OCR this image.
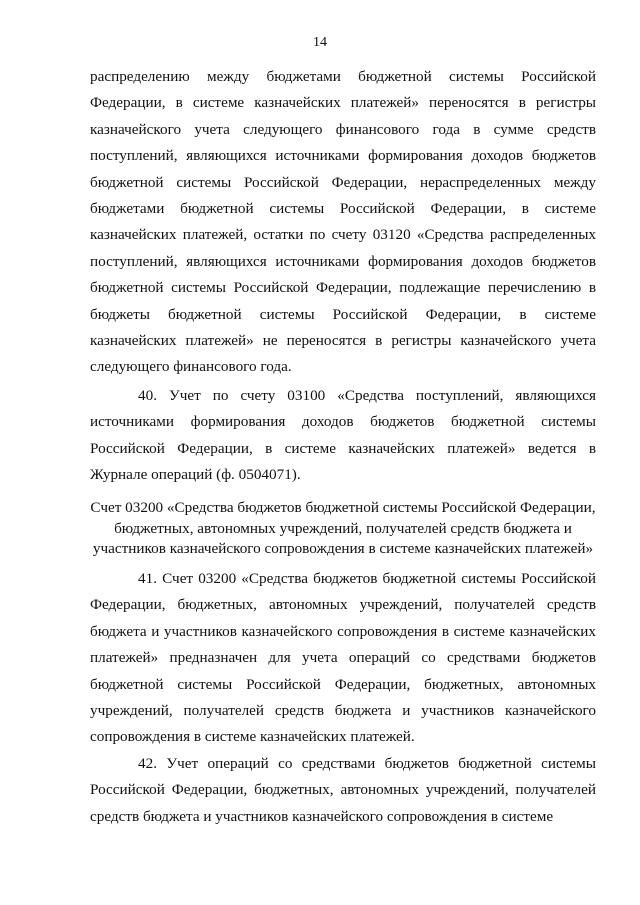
14

распределению между бюджетами бюджетной системы Российской Федерации, в системе казначейских платежей» переносятся в регистры казначейского учета следующего финансового года в сумме средств поступлений, являющихся источниками формирования доходов бюджетов бюджетной системы Российской Федерации, нераспределенных между бюджетами бюджетной системы Российской Федерации, в системе казначейских платежей, остатки по счету 03120 «Средства распределенных поступлений, являющихся источниками формирования доходов бюджетов бюджетной системы Российской Федерации, подлежащие перечислению в бюджеты бюджетной системы Российской Федерации, в системе казначейских платежей» не переносятся в регистры казначейского учета следующего финансового года.

40. Учет по счету 03100 «Средства поступлений, являющихся источниками формирования доходов бюджетов бюджетной системы Российской Федерации, в системе казначейских платежей» ведется в Журнале операций (ф. 0504071).

Счет 03200 «Средства бюджетов бюджетной системы Российской Федерации,
бюджетных, автономных учреждений, получателей средств бюджета и
участников казначейского сопровождения в системе казначейских платежей»

41. Счет 03200 «Средства бюджетов бюджетной системы Российской Федерации, бюджетных, автономных учреждений, получателей средств бюджета и участников казначейского сопровождения в системе казначейских платежей» предназначен для учета операций со средствами бюджетов бюджетной системы Российской Федерации, бюджетных, автономных учреждений, получателей средств бюджета и участников казначейского сопровождения в системе казначейских платежей.

42. Учет операций со средствами бюджетов бюджетной системы Российской Федерации, бюджетных, автономных учреждений, получателей средств бюджета и участников казначейского сопровождения в системе
